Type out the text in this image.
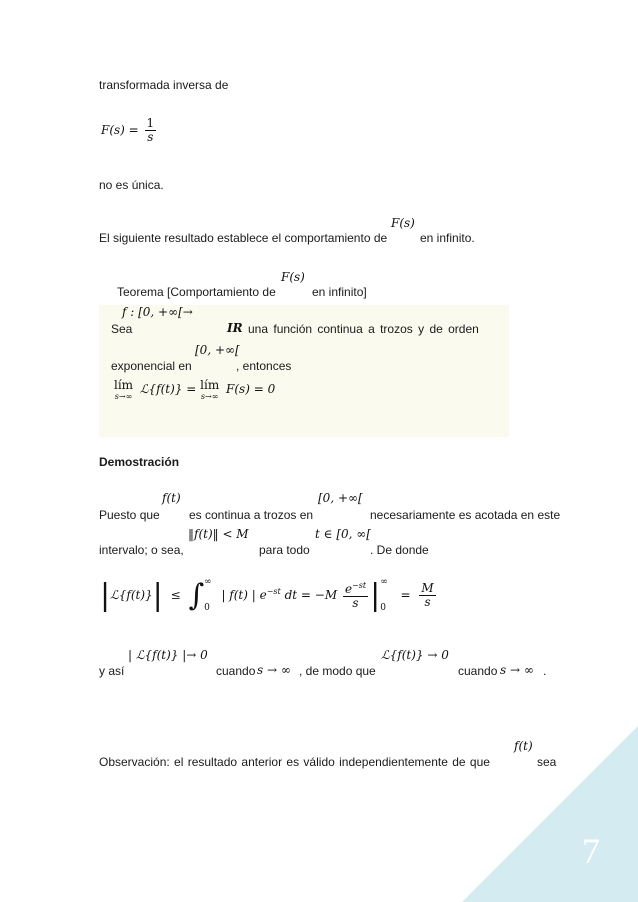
transformada inversa de
$F(s) = \frac{1}{s}$
no es única.
El siguiente resultado establece el comportamiento de
F(s)
en infinito.
Teorema [Comportamiento de
F(s)
en infinito]
f : [0, +∞[→
Sea	IR una función continua a trozos y de orden
[0, +∞[
exponencial en	, entonces
lím
s→∞
ℒ{f(t)} = lím
s→∞
F(s) = 0
Demostración
f(t)	[0, +∞[
Puesto que es continua a trozos en	necesariamente es acotada en este
‖f(t)‖ < M	t ∈ [0, ∞[
intervalo; o sea,	para todo	. De donde
|ℒ{f(t)}| ≤ ∫ ∞
0
| f(t) | $e^{-st}$ dt = $-M \frac{e^{-st}}{s}$ | ∞
0
= $\frac{M}{s}$
| ℒ{f(t)} |→ 0	ℒ{f(t)} → 0
y así	cuando s → ∞ , de modo que	cuando s → ∞ .
f(t)
Observación: el resultado anterior es válido independientemente de que	sea
7
